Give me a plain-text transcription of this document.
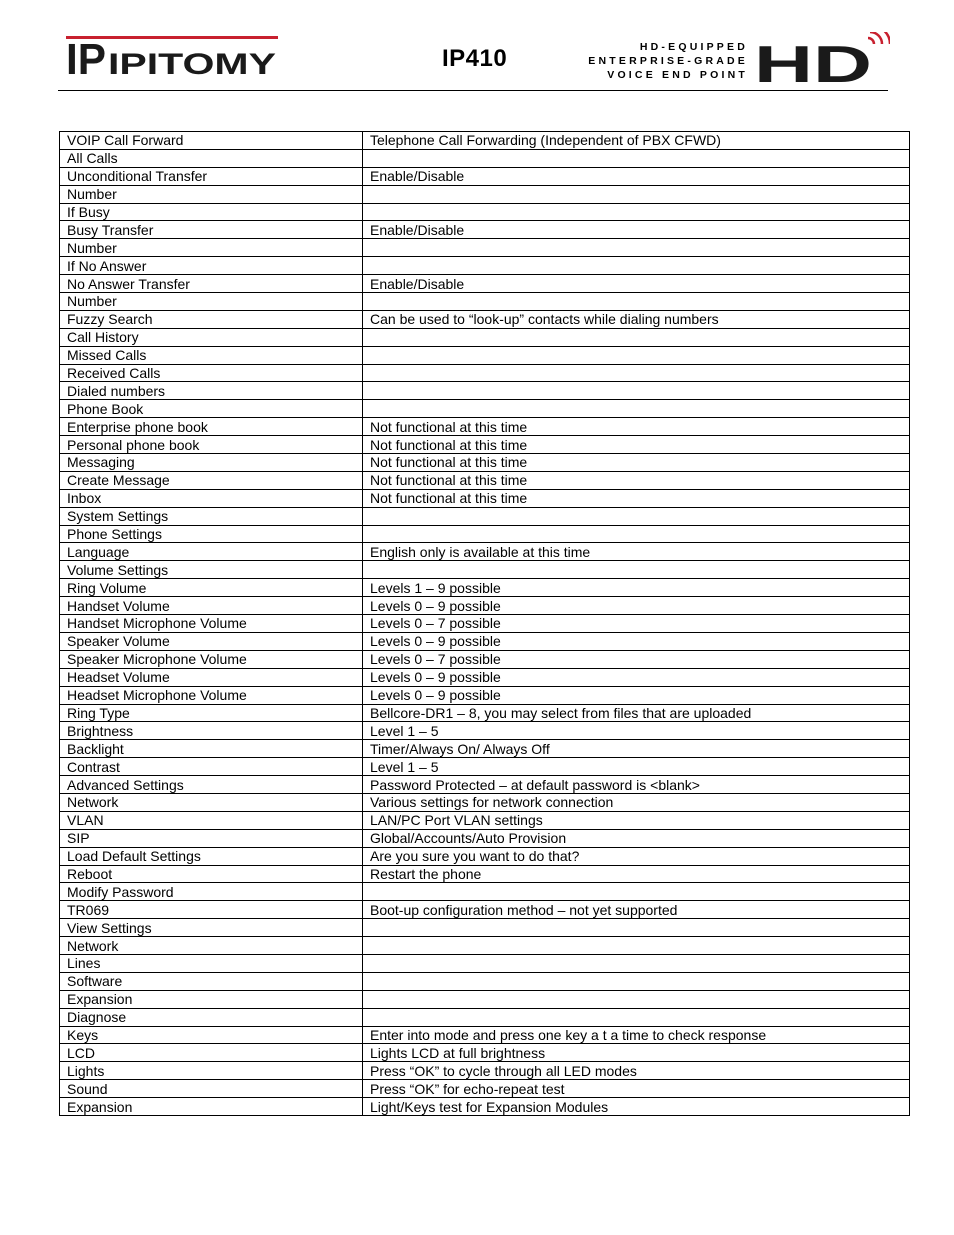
IP IPITOMY	IP410	HD-EQUIPPED
ENTERPRISE-GRADE
VOICE END POINT HD
VOIP Call Forward	Telephone Call Forwarding (Independent of PBX CFWD)
All Calls	
Unconditional Transfer	Enable/Disable
Number	
If Busy	
Busy Transfer	Enable/Disable
Number	
If No Answer	
No Answer Transfer	Enable/Disable
Number	
Fuzzy Search	Can be used to “look-up” contacts while dialing numbers
Call History	
Missed Calls	
Received Calls	
Dialed numbers	
Phone Book	
Enterprise phone book	Not functional at this time
Personal phone book	Not functional at this time
Messaging	Not functional at this time
Create Message	Not functional at this time
Inbox	Not functional at this time
System Settings	
Phone Settings	
Language	English only is available at this time
Volume Settings	
Ring Volume	Levels 1 – 9 possible
Handset Volume	Levels 0 – 9 possible
Handset Microphone Volume	Levels 0 – 7 possible
Speaker Volume	Levels 0 – 9 possible
Speaker Microphone Volume	Levels 0 – 7 possible
Headset Volume	Levels 0 – 9 possible
Headset Microphone Volume	Levels 0 – 9 possible
Ring Type	Bellcore-DR1 – 8, you may select from files that are uploaded
Brightness	Level 1 – 5
Backlight	Timer/Always On/ Always Off
Contrast	Level 1 – 5
Advanced Settings	Password Protected – at default password is <blank>
Network	Various settings for network connection
VLAN	LAN/PC Port VLAN settings
SIP	Global/Accounts/Auto Provision
Load Default Settings	Are you sure you want to do that?
Reboot	Restart the phone
Modify Password	
TR069	Boot-up configuration method – not yet supported
View Settings	
Network	
Lines	
Software	
Expansion	
Diagnose	
Keys	Enter into mode and press one key a t a time to check response
LCD	Lights LCD at full brightness
Lights	Press “OK” to cycle through all LED modes
Sound	Press “OK” for echo-repeat test
Expansion	Light/Keys test for Expansion Modules
